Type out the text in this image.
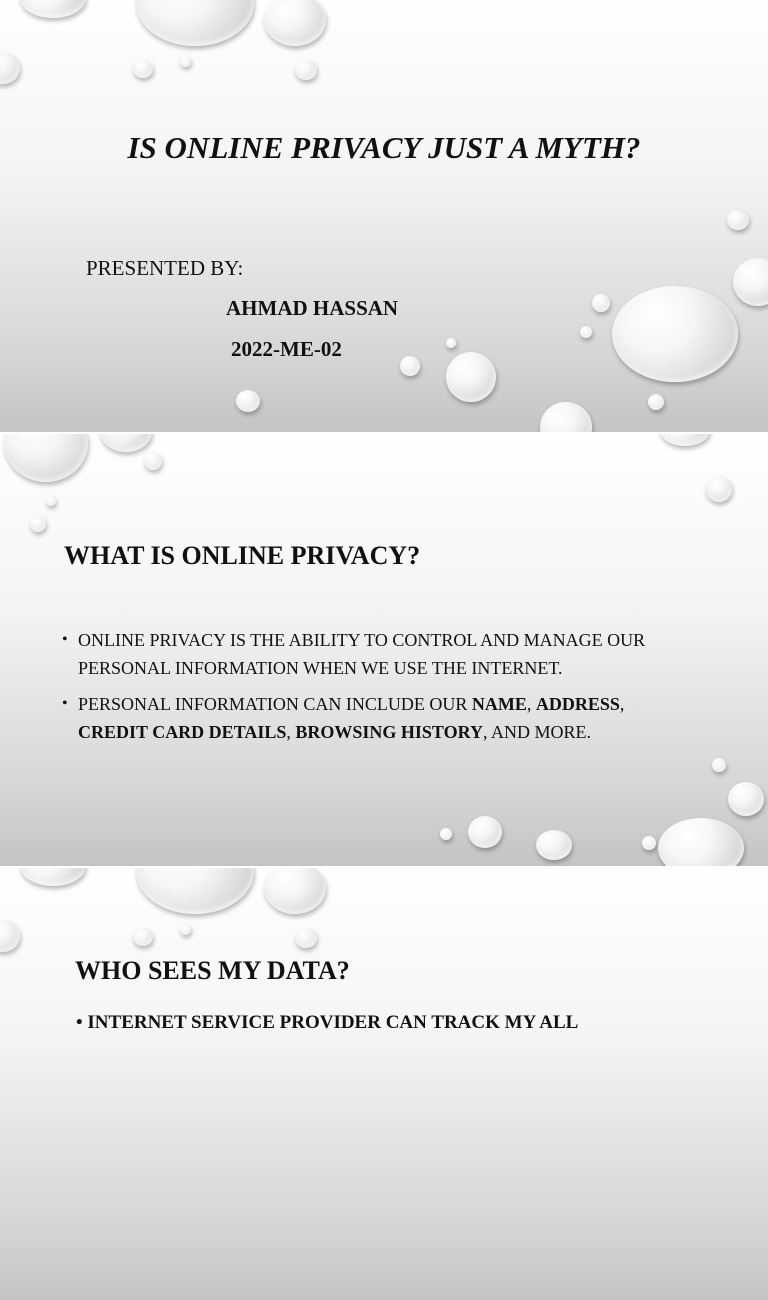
IS ONLINE PRIVACY JUST A MYTH?
PRESENTED BY:
AHMAD HASSAN
2022-ME-02
WHAT IS ONLINE PRIVACY?
• ONLINE PRIVACY IS THE ABILITY TO CONTROL AND MANAGE OUR PERSONAL INFORMATION WHEN WE USE THE INTERNET.
• PERSONAL INFORMATION CAN INCLUDE OUR NAME, ADDRESS,
CREDIT CARD DETAILS, BROWSING HISTORY, AND MORE.
WHO SEES MY DATA?
• INTERNET SERVICE PROVIDER CAN TRACK MY ALL
